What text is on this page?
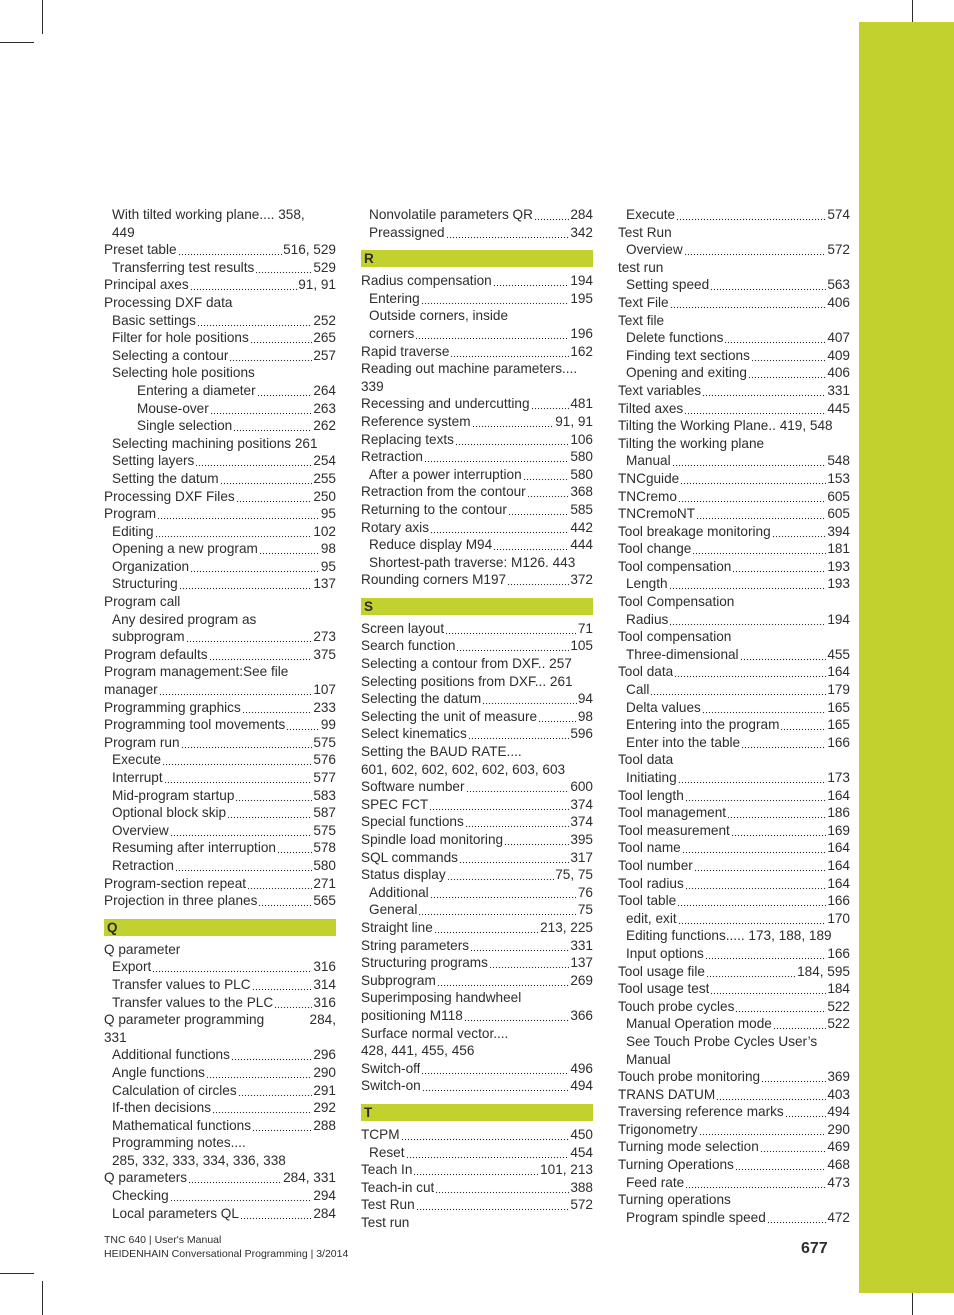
With tilted working plane.... 358,
449
Preset table	516, 529
Transferring test results	529
Principal axes	91, 91
Processing DXF data
Basic settings	252
Filter for hole positions	265
Selecting a contour	257
Selecting hole positions
Entering a diameter	264
Mouse-over	263
Single selection	262
Selecting machining positions 261
Setting layers	254
Setting the datum	255
Processing DXF Files	250
Program	95
Editing	102
Opening a new program	98
Organization	95
Structuring	137
Program call
Any desired program as
subprogram	273
Program defaults	375
Program management:See file
manager	107
Programming graphics	233
Programming tool movements	99
Program run	575
Execute	576
Interrupt	577
Mid-program startup	583
Optional block skip	587
Overview	575
Resuming after interruption	578
Retraction	580
Program-section repeat	271
Projection in three planes	565
Q
Q parameter
Export	316
Transfer values to PLC	314
Transfer values to the PLC	316
Q parameter programming	284,
331
Additional functions	296
Angle functions	290
Calculation of circles	291
If-then decisions	292
Mathematical functions	288
Programming notes....
285, 332, 333, 334, 336, 338
Q parameters	284, 331
Checking	294
Local parameters QL	284
Nonvolatile parameters QR	284
Preassigned	342
R
Radius compensation	194
Entering	195
Outside corners, inside
corners	196
Rapid traverse	162
Reading out machine parameters....
339
Recessing and undercutting	481
Reference system	91, 91
Replacing texts	106
Retraction	580
After a power interruption	580
Retraction from the contour	368
Returning to the contour	585
Rotary axis	442
Reduce display M94	444
Shortest-path traverse: M126. 443
Rounding corners M197	372
S
Screen layout	71
Search function	105
Selecting a contour from DXF.. 257
Selecting positions from DXF... 261
Selecting the datum	94
Selecting the unit of measure	98
Select kinematics	596
Setting the BAUD RATE....
601, 602, 602, 602, 602, 603, 603
Software number	600
SPEC FCT	374
Special functions	374
Spindle load monitoring	395
SQL commands	317
Status display	75, 75
Additional	76
General	75
Straight line	213, 225
String parameters	331
Structuring programs	137
Subprogram	269
Superimposing handwheel
positioning M118	366
Surface normal vector....
428, 441, 455, 456
Switch-off	496
Switch-on	494
T
TCPM	450
Reset	454
Teach In	101, 213
Teach-in cut	388
Test Run	572
Test run
Execute	574
Test Run
Overview	572
test run
Setting speed	563
Text File	406
Text file
Delete functions	407
Finding text sections	409
Opening and exiting	406
Text variables	331
Tilted axes	445
Tilting the Working Plane.. 419, 548
Tilting the working plane
Manual	548
TNCguide	153
TNCremo	605
TNCremoNT	605
Tool breakage monitoring	394
Tool change	181
Tool compensation	193
Length	193
Tool Compensation
Radius	194
Tool compensation
Three-dimensional	455
Tool data	164
Call	179
Delta values	165
Entering into the program	165
Enter into the table	166
Tool data
Initiating	173
Tool length	164
Tool management	186
Tool measurement	169
Tool name	164
Tool number	164
Tool radius	164
Tool table	166
edit, exit	170
Editing functions..... 173, 188, 189
Input options	166
Tool usage file	184, 595
Tool usage test	184
Touch probe cycles	522
Manual Operation mode	522
See Touch Probe Cycles User’s
Manual
Touch probe monitoring	369
TRANS DATUM	403
Traversing reference marks	494
Trigonometry	290
Turning mode selection	469
Turning Operations	468
Feed rate	473
Turning operations
Program spindle speed	472
TNC 640 | User's Manual
HEIDENHAIN Conversational Programming | 3/2014	677
